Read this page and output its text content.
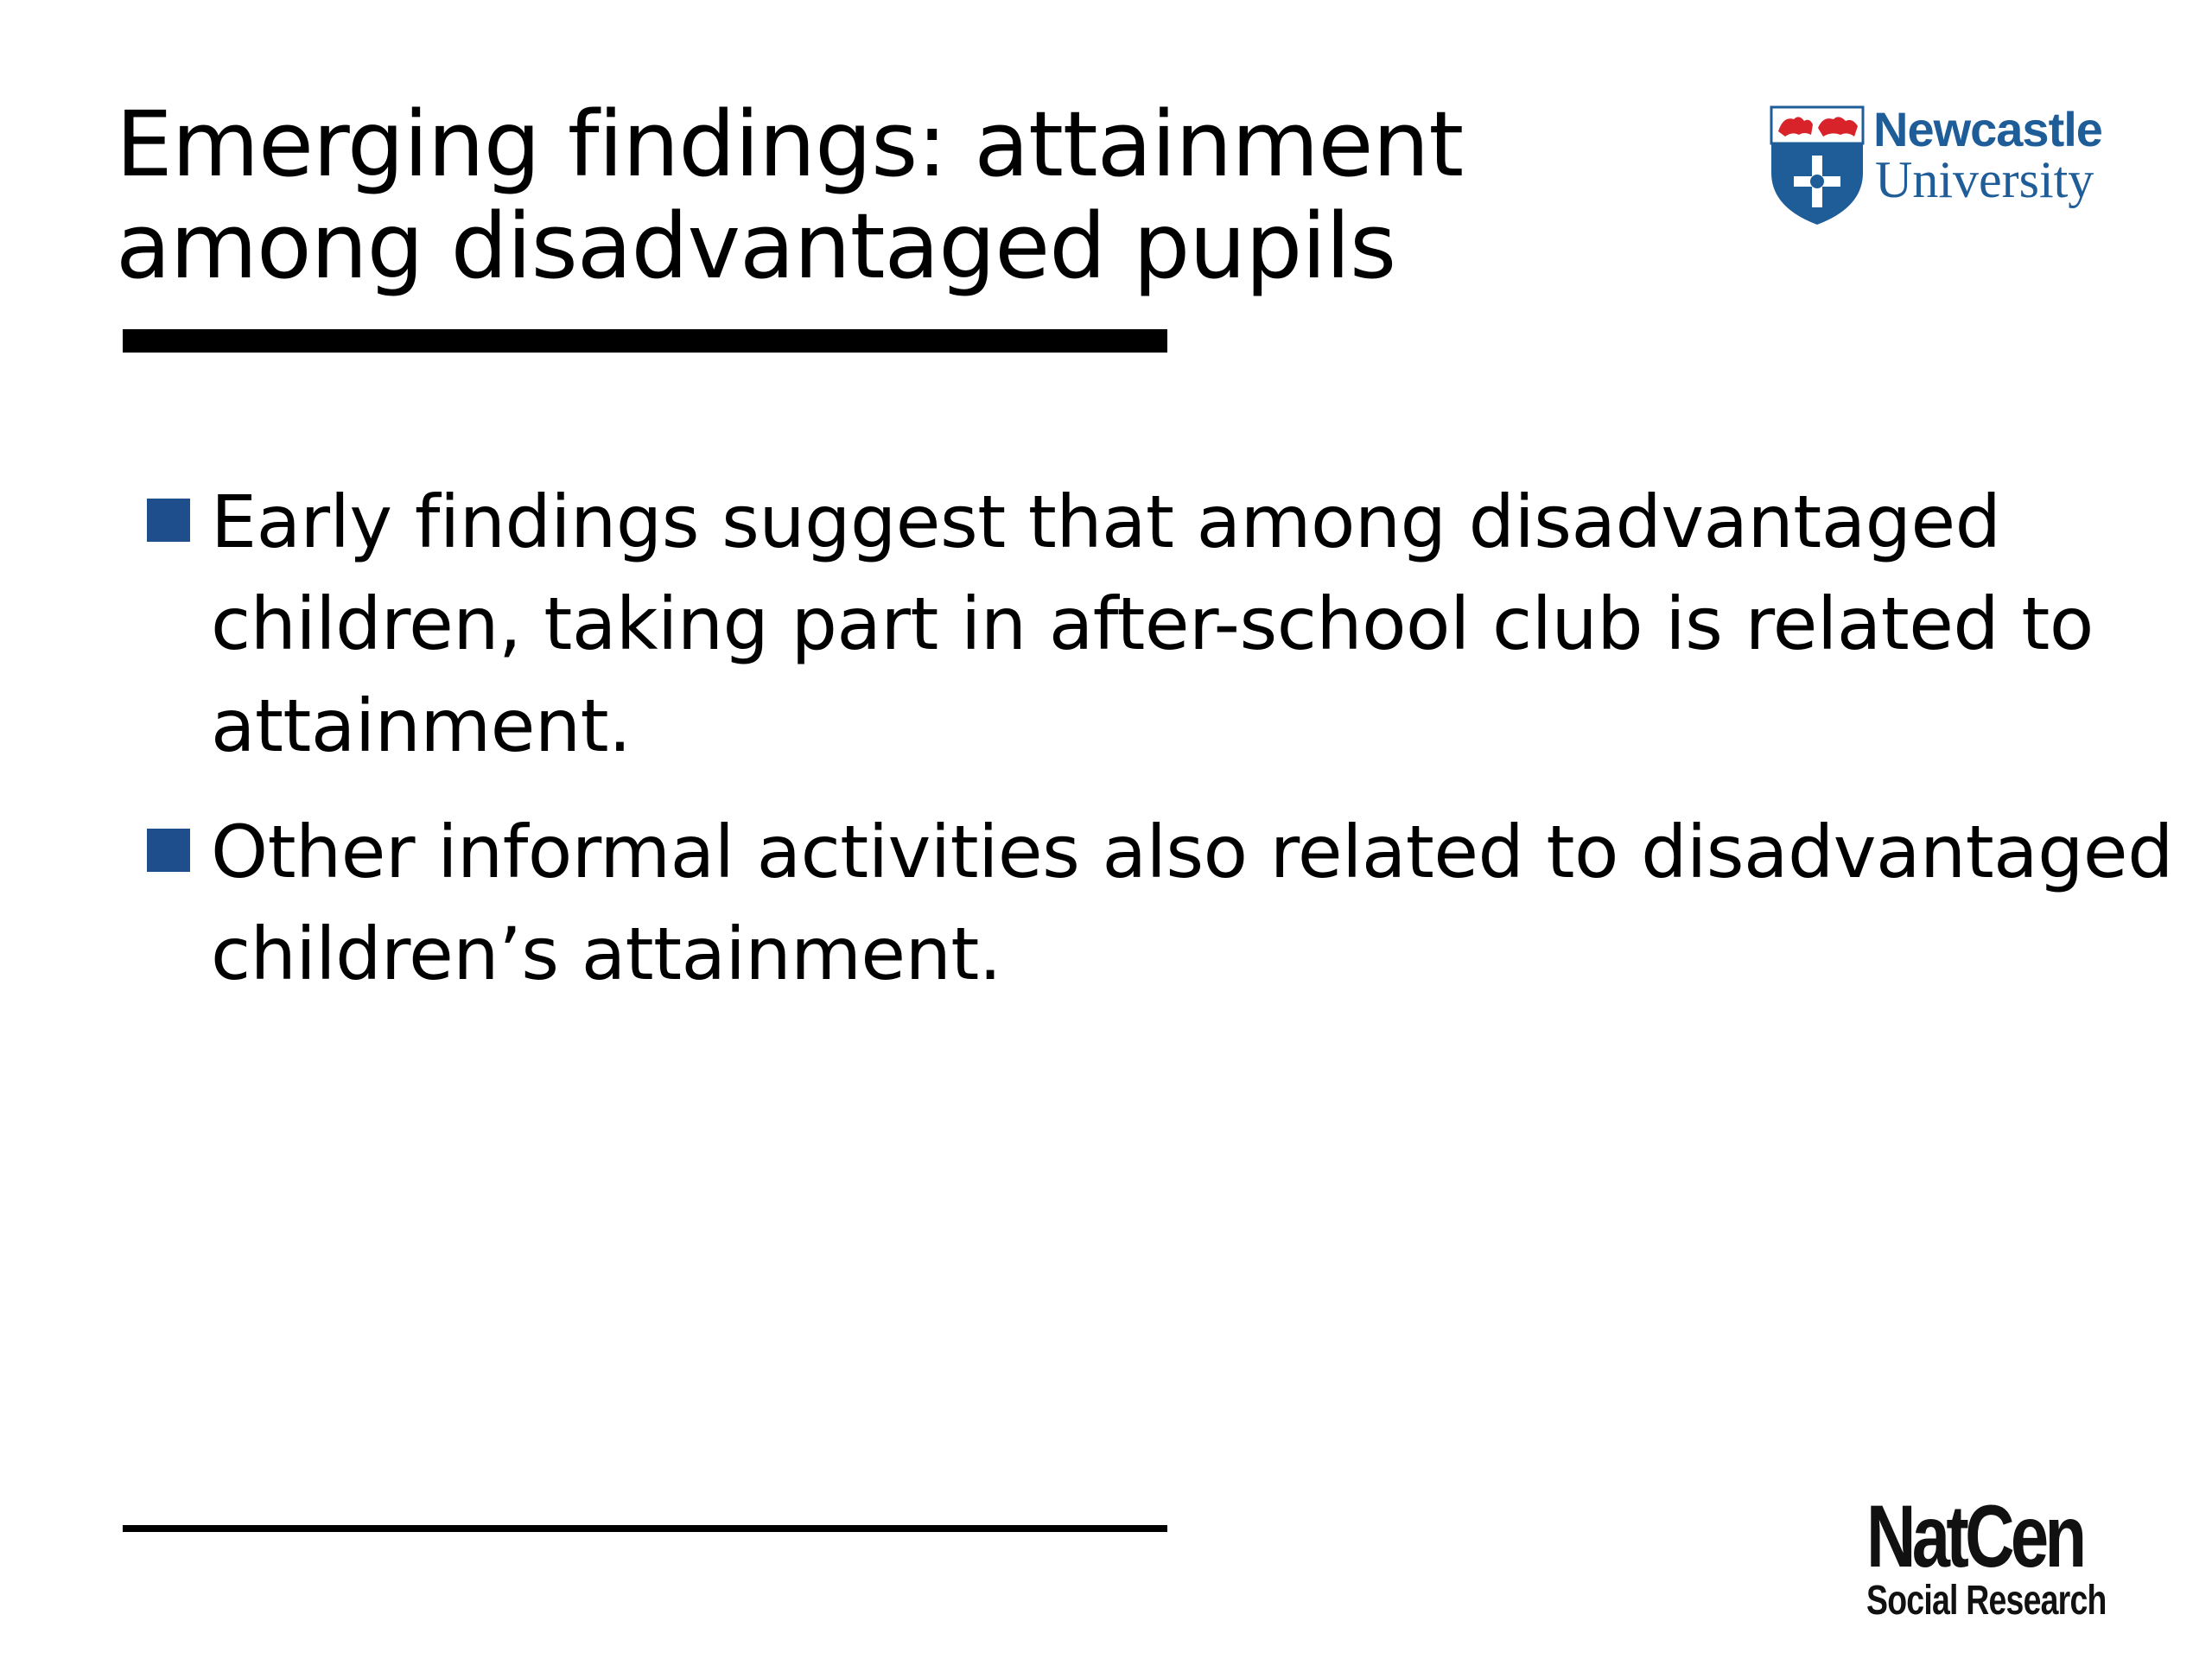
Emerging findings: attainment
among disadvantaged pupils
Early findings suggest that among disadvantaged
children, taking part in after-school club is related to
attainment.
Other informal activities also related to disadvantaged
children’s attainment.
Newcastle
University
NatCen
Social Research
